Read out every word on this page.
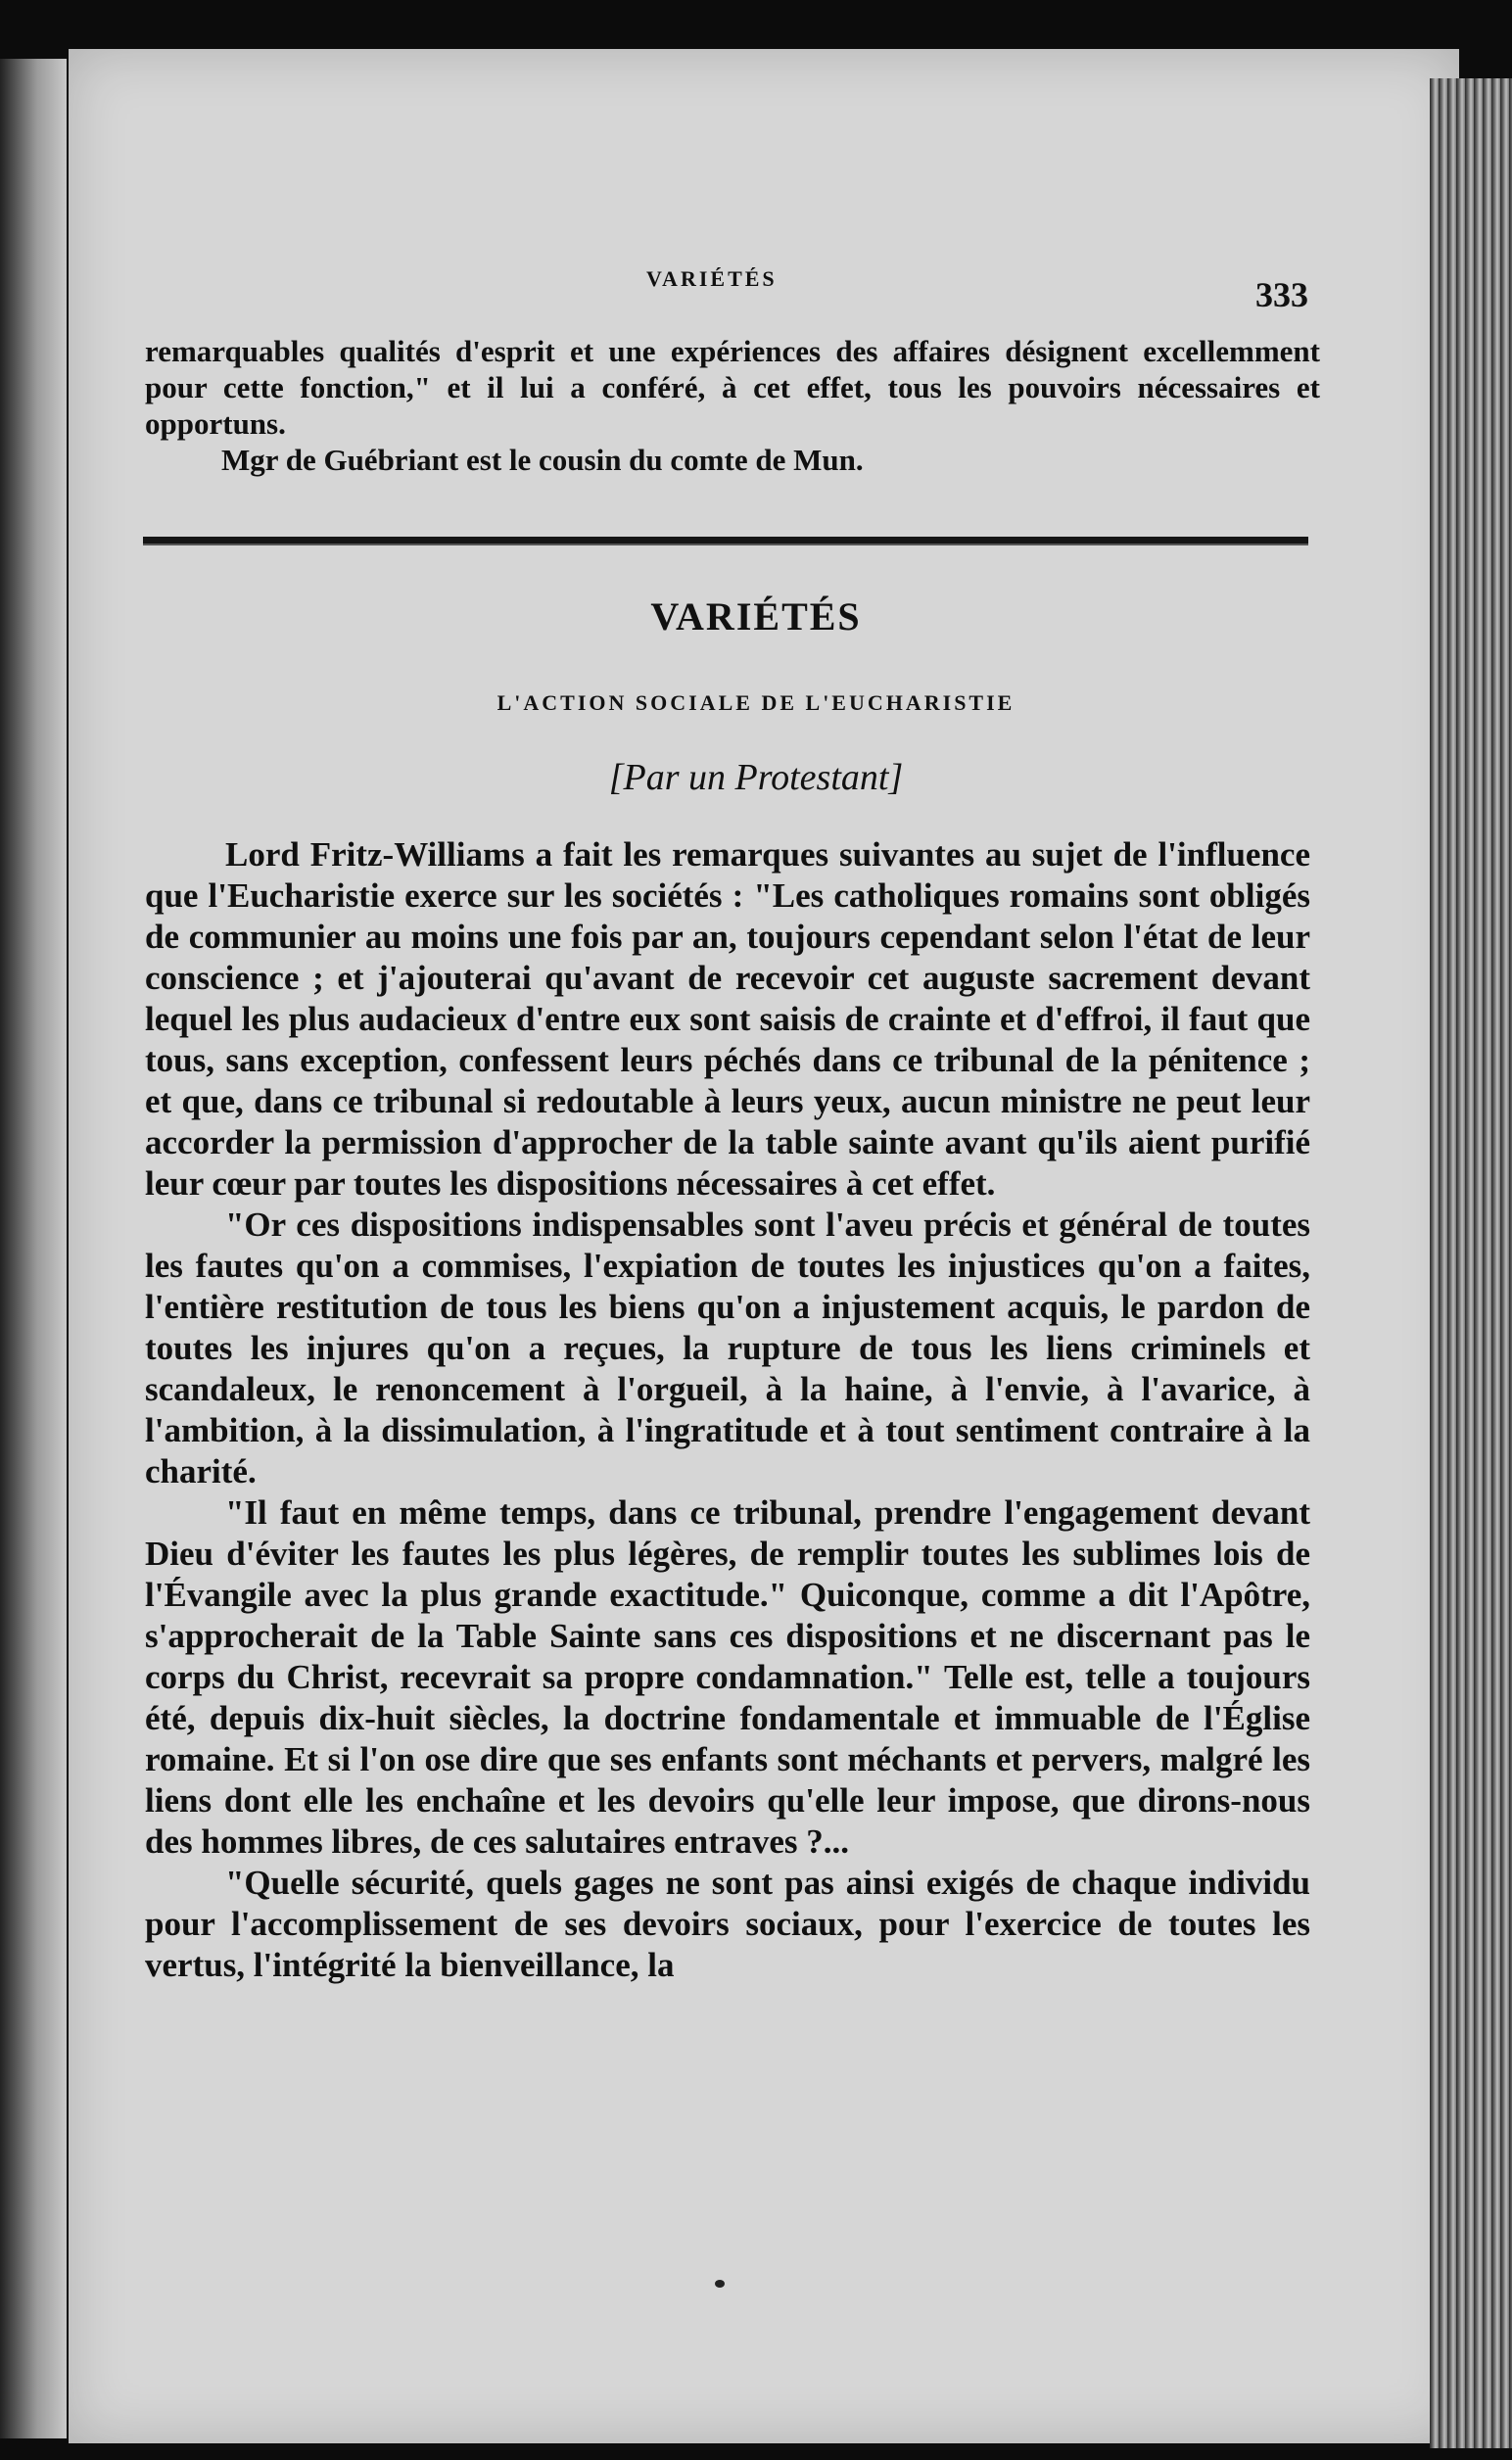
VARIÉTÉS	333

remarquables qualités d'esprit et une expériences des affaires désignent excellemment pour cette fonction," et il lui a conféré, à cet effet, tous les pouvoirs nécessaires et opportuns.

Mgr de Guébriant est le cousin du comte de Mun.

VARIÉTÉS
L'ACTION SOCIALE DE L'EUCHARISTIE
[Par un Protestant]

Lord Fritz-Williams a fait les remarques suivantes au sujet de l'influence que l'Eucharistie exerce sur les sociétés : "Les catholiques romains sont obligés de communier au moins une fois par an, toujours cependant selon l'état de leur conscience ; et j'ajouterai qu'avant de recevoir cet auguste sacrement devant lequel les plus audacieux d'entre eux sont saisis de crainte et d'effroi, il faut que tous, sans exception, confessent leurs péchés dans ce tribunal de la pénitence ; et que, dans ce tribunal si redoutable à leurs yeux, aucun ministre ne peut leur accorder la permission d'approcher de la table sainte avant qu'ils aient purifié leur cœur par toutes les dispositions nécessaires à cet effet.

"Or ces dispositions indispensables sont l'aveu précis et général de toutes les fautes qu'on a commises, l'expiation de toutes les injustices qu'on a faites, l'entière restitution de tous les biens qu'on a injustement acquis, le pardon de toutes les injures qu'on a reçues, la rupture de tous les liens criminels et scandaleux, le renoncement à l'orgueil, à la haine, à l'envie, à l'avarice, à l'ambition, à la dissimulation, à l'ingratitude et à tout sentiment contraire à la charité.

"Il faut en même temps, dans ce tribunal, prendre l'engagement devant Dieu d'éviter les fautes les plus légères, de remplir toutes les sublimes lois de l'Évangile avec la plus grande exactitude." Quiconque, comme a dit l'Apôtre, s'approcherait de la Table Sainte sans ces dispositions et ne discernant pas le corps du Christ, recevrait sa propre condamnation." Telle est, telle a toujours été, depuis dix-huit siècles, la doctrine fondamentale et immuable de l'Église romaine. Et si l'on ose dire que ses enfants sont méchants et pervers, malgré les liens dont elle les enchaîne et les devoirs qu'elle leur impose, que dirons-nous des hommes libres, de ces salutaires entraves ?...

"Quelle sécurité, quels gages ne sont pas ainsi exigés de chaque individu pour l'accomplissement de ses devoirs sociaux, pour l'exercice de toutes les vertus, l'intégrité la bienveillance, la
